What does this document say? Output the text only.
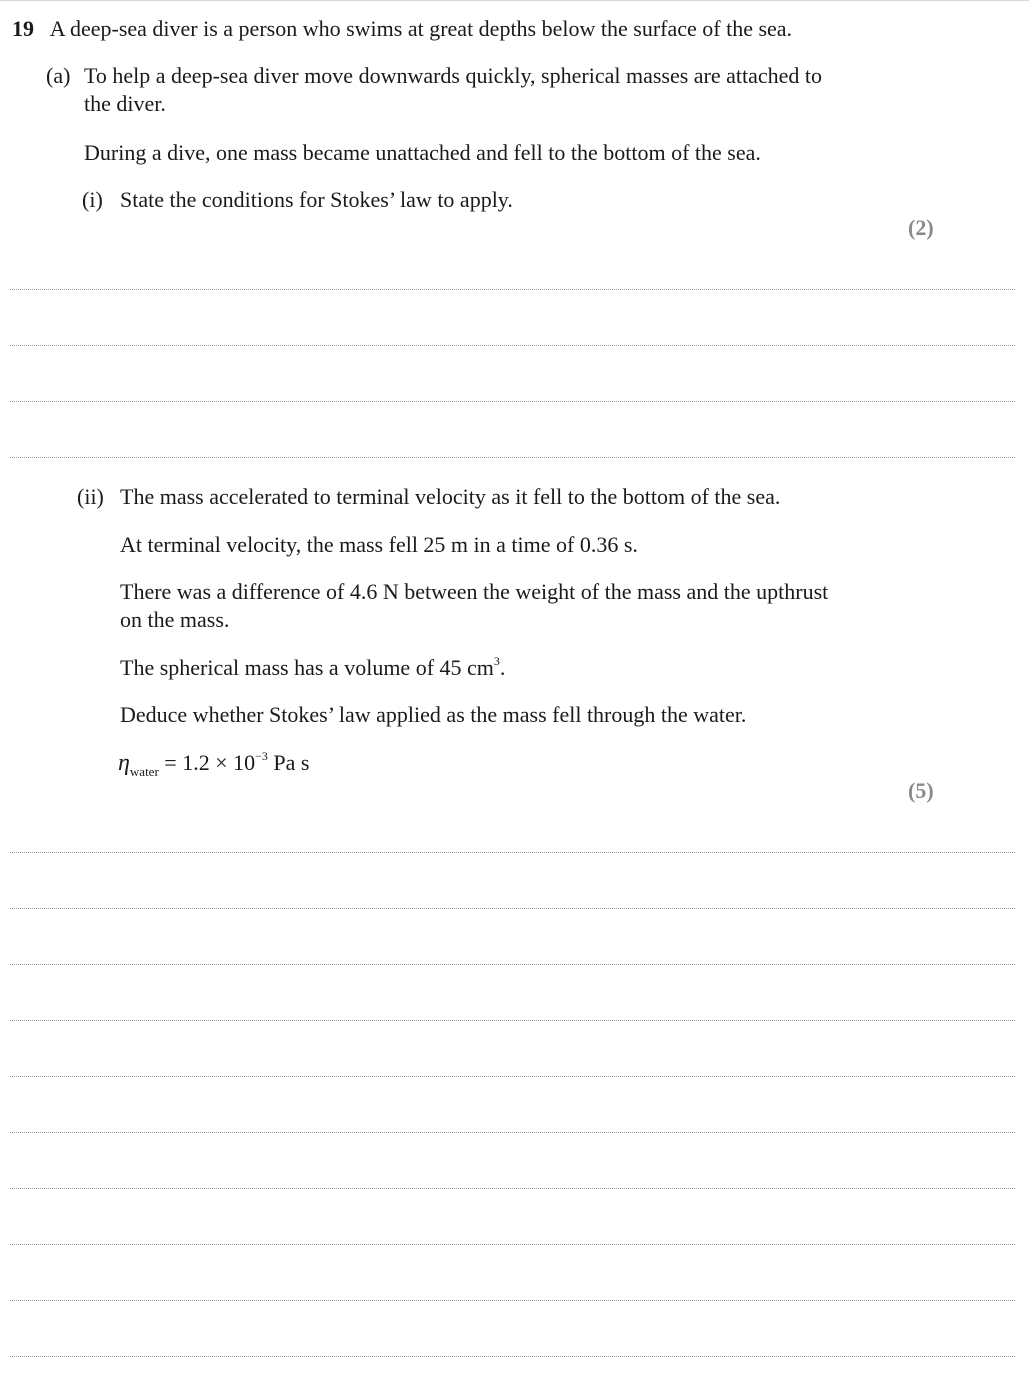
19 A deep-sea diver is a person who swims at great depths below the surface of the sea.
(a) To help a deep-sea diver move downwards quickly, spherical masses are attached to
the diver.
During a dive, one mass became unattached and fell to the bottom of the sea.
(i) State the conditions for Stokes’ law to apply.
(2)
(ii) The mass accelerated to terminal velocity as it fell to the bottom of the sea.
At terminal velocity, the mass fell 25 m in a time of 0.36 s.
There was a difference of 4.6 N between the weight of the mass and the upthrust
on the mass.
The spherical mass has a volume of 45 $cm^3$.
Deduce whether Stokes’ law applied as the mass fell through the water.
$\eta_{water} = 1.2 \times 10^{-3}$ Pa s
(5)
